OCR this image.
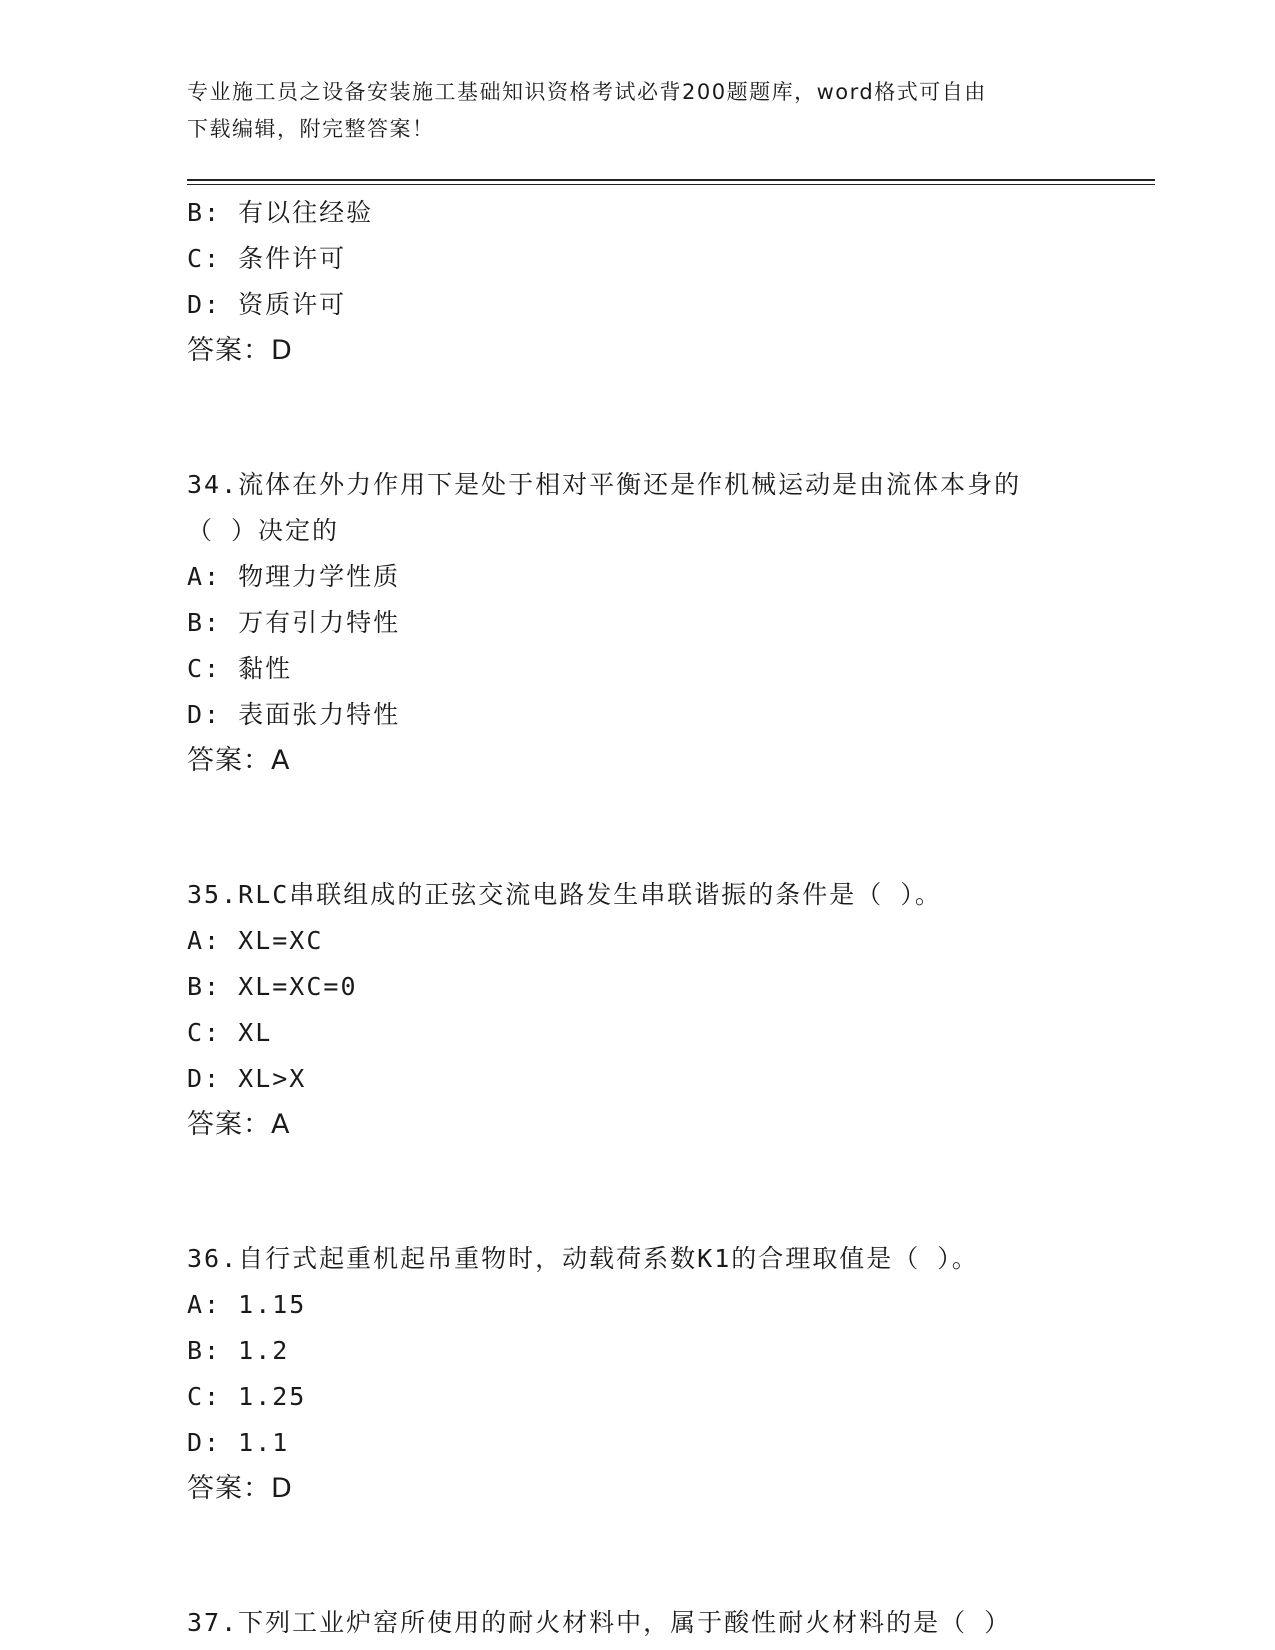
专业施工员之设备安装施工基础知识资格考试必背200题题库，word格式可自由
下载编辑，附完整答案！
B: 有以往经验
C: 条件许可
D: 资质许可
答案：D
34.流体在外力作用下是处于相对平衡还是作机械运动是由流体本身的
（ ）决定的
A: 物理力学性质
B: 万有引力特性
C: 黏性
D: 表面张力特性
答案：A
35.RLC串联组成的正弦交流电路发生串联谐振的条件是（ ）。
A: XL=XC
B: XL=XC=0
C: XL
D: XL>X
答案：A
36.自行式起重机起吊重物时，动载荷系数K1的合理取值是（ ）。
A: 1.15
B: 1.2
C: 1.25
D: 1.1
答案：D
37.下列工业炉窑所使用的耐火材料中，属于酸性耐火材料的是（ ）
